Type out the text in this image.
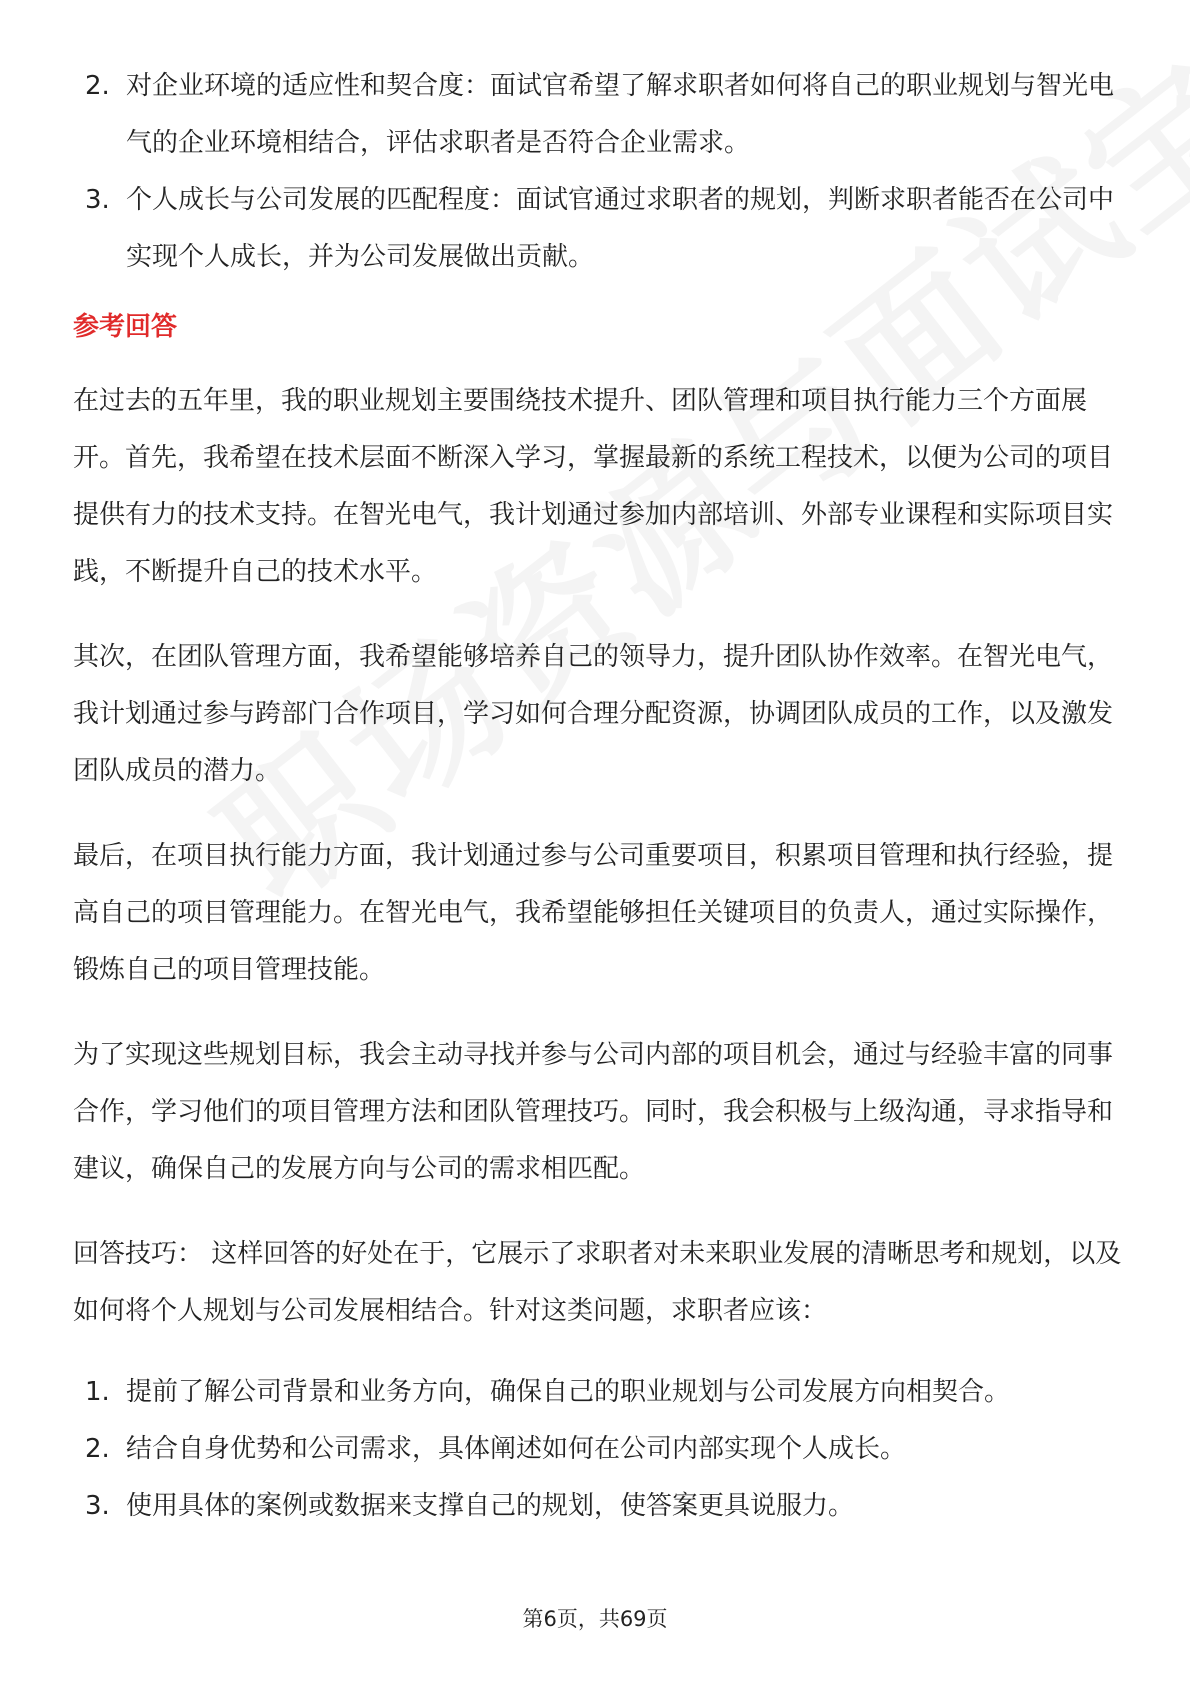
2. 对企业环境的适应性和契合度：面试官希望了解求职者如何将自己的职业规划与智光电气的企业环境相结合，评估求职者是否符合企业需求。
3. 个人成长与公司发展的匹配程度：面试官通过求职者的规划，判断求职者能否在公司中实现个人成长，并为公司发展做出贡献。
参考回答

在过去的五年里，我的职业规划主要围绕技术提升、团队管理和项目执行能力三个方面展开。首先，我希望在技术层面不断深入学习，掌握最新的系统工程技术，以便为公司的项目提供有力的技术支持。在智光电气，我计划通过参加内部培训、外部专业课程和实际项目实践，不断提升自己的技术水平。

其次，在团队管理方面，我希望能够培养自己的领导力，提升团队协作效率。在智光电气，我计划通过参与跨部门合作项目，学习如何合理分配资源，协调团队成员的工作，以及激发团队成员的潜力。

最后，在项目执行能力方面，我计划通过参与公司重要项目，积累项目管理和执行经验，提高自己的项目管理能力。在智光电气，我希望能够担任关键项目的负责人，通过实际操作，锻炼自己的项目管理技能。

为了实现这些规划目标，我会主动寻找并参与公司内部的项目机会，通过与经验丰富的同事合作，学习他们的项目管理方法和团队管理技巧。同时，我会积极与上级沟通，寻求指导和建议，确保自己的发展方向与公司的需求相匹配。

回答技巧： 这样回答的好处在于，它展示了求职者对未来职业发展的清晰思考和规划，以及如何将个人规划与公司发展相结合。针对这类问题，求职者应该：

1. 提前了解公司背景和业务方向，确保自己的职业规划与公司发展方向相契合。
2. 结合自身优势和公司需求，具体阐述如何在公司内部实现个人成长。
3. 使用具体的案例或数据来支撑自己的规划，使答案更具说服力。
第6页，共69页
